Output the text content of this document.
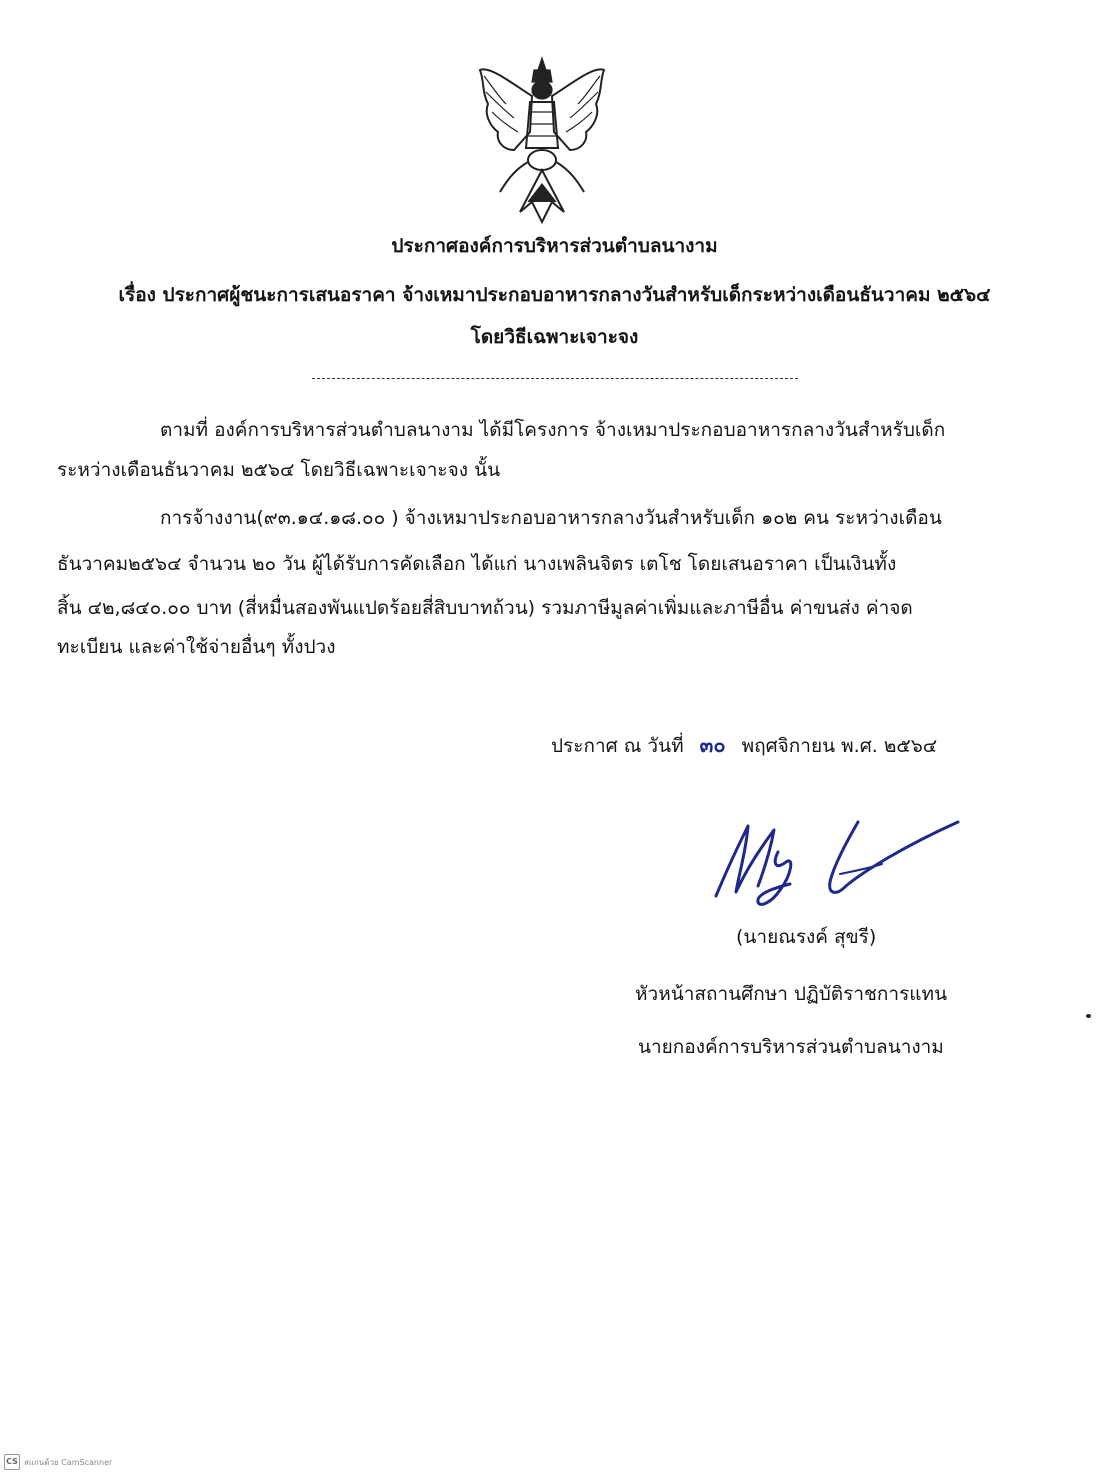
ประกาศองค์การบริหารส่วนตำบลนางาม
เรื่อง ประกาศผู้ชนะการเสนอราคา จ้างเหมาประกอบอาหารกลางวันสำหรับเด็กระหว่างเดือนธันวาคม ๒๕๖๔
โดยวิธีเฉพาะเจาะจง
ตามที่ องค์การบริหารส่วนตำบลนางาม ได้มีโครงการ จ้างเหมาประกอบอาหารกลางวันสำหรับเด็ก
ระหว่างเดือนธันวาคม ๒๕๖๔ โดยวิธีเฉพาะเจาะจง นั้น
การจ้างงาน(๙๓.๑๔.๑๘.๐๐ ) จ้างเหมาประกอบอาหารกลางวันสำหรับเด็ก ๑๐๒ คน ระหว่างเดือน
ธันวาคม๒๕๖๔ จำนวน ๒๐ วัน ผู้ได้รับการคัดเลือก ได้แก่ นางเพลินจิตร เตโช โดยเสนอราคา เป็นเงินทั้ง
สิ้น ๔๒,๘๔๐.๐๐ บาท (สี่หมื่นสองพันแปดร้อยสี่สิบบาทถ้วน) รวมภาษีมูลค่าเพิ่มและภาษีอื่น ค่าขนส่ง ค่าจด
ทะเบียน และค่าใช้จ่ายอื่นๆ ทั้งปวง
ประกาศ ณ วันที่ ๓๐ พฤศจิกายน พ.ศ. ๒๕๖๔
(นายณรงค์ สุขรี)
หัวหน้าสถานศึกษา ปฏิบัติราชการแทน
นายกองค์การบริหารส่วนตำบลนางาม
CS สแกนด้วย CamScanner
